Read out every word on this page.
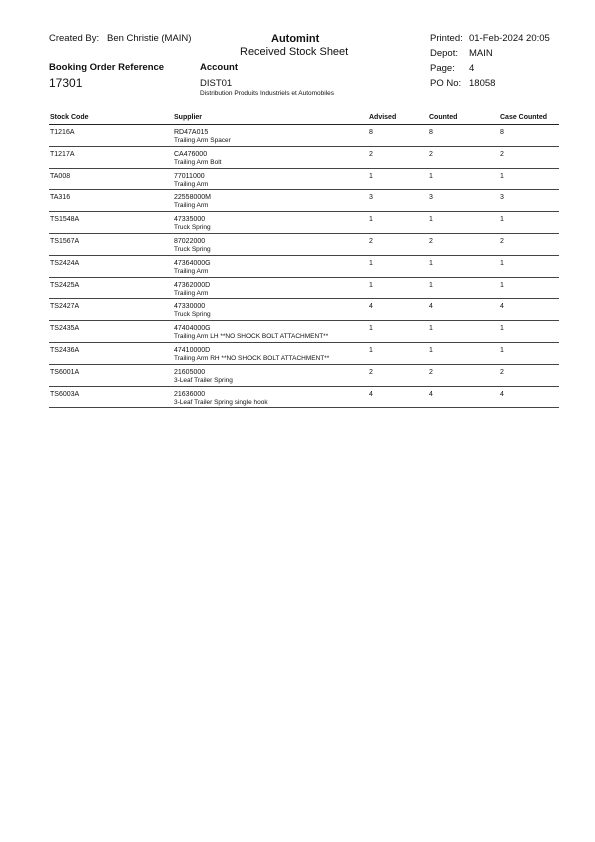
Created By: Ben Christie (MAIN)	Automint
Received Stock Sheet
Printed: 01-Feb-2024 20:05
Depot: MAIN
Page: 4
PO No: 18058
Booking Order Reference
17301
Account
DIST01
Distribution Produits Industriels et Automobiles
Stock Code	Supplier	Advised	Counted	Case Counted
T1216A	RD47A015	8	8	8
Trailing Arm Spacer
T1217A	CA476000	2	2	2
Trailing Arm Bolt
TA008	77011000	1	1	1
Trailing Arm
TA316	22558000M	3	3	3
Trailing Arm
TS1548A	47335000	1	1	1
Truck Spring
TS1567A	87022000	2	2	2
Truck Spring
TS2424A	47364000G	1	1	1
Trailing Arm
TS2425A	47362000D	1	1	1
Trailing Arm
TS2427A	47330000	4	4	4
Truck Spring
TS2435A	47404000G	1	1	1
Trailing Arm LH **NO SHOCK BOLT ATTACHMENT**
TS2436A	47410000D	1	1	1
Trailing Arm RH **NO SHOCK BOLT ATTACHMENT**
TS6001A	21605000	2	2	2
3-Leaf Trailer Spring
TS6003A	21636000	4	4	4
3-Leaf Trailer Spring single hook
